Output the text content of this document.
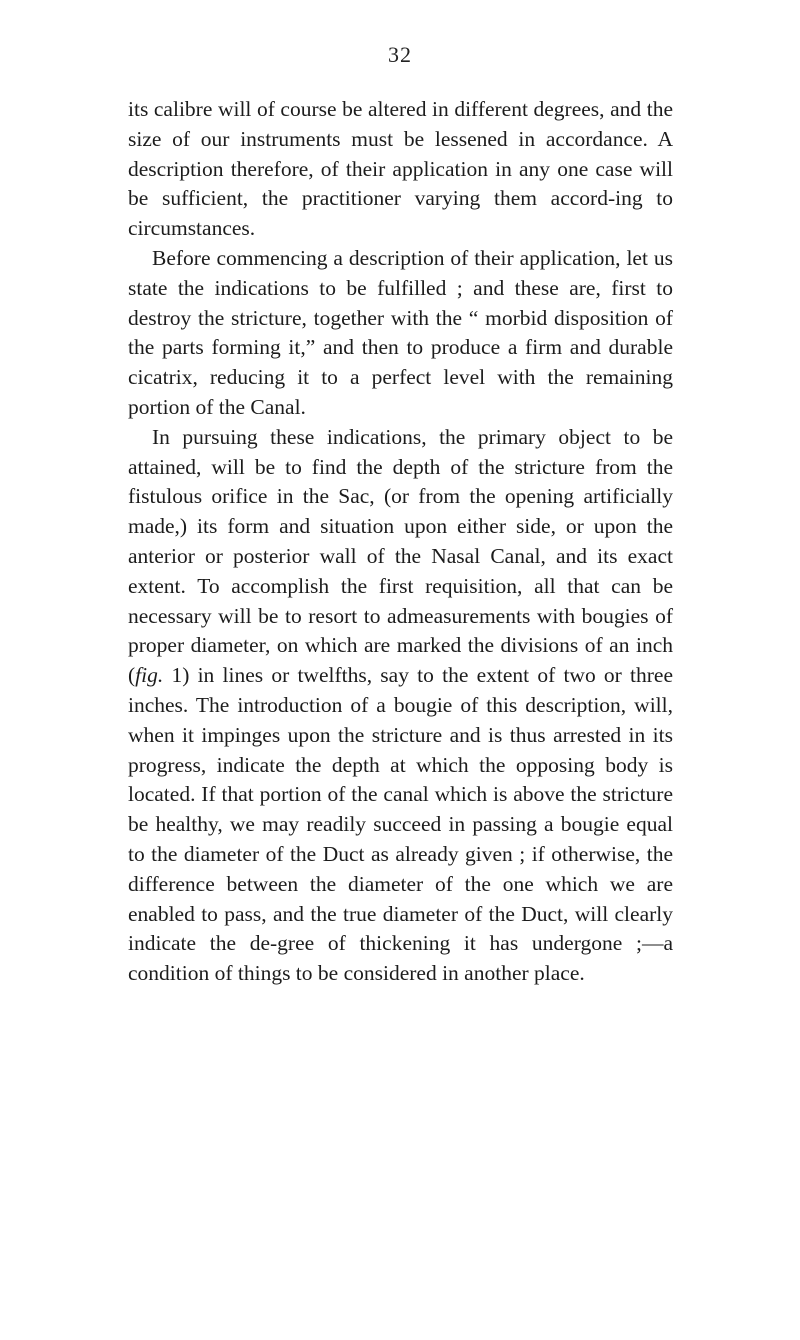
32

its calibre will of course be altered in different degrees, and the size of our instruments must be lessened in accordance. A description therefore, of their application in any one case will be sufficient, the practitioner varying them accord-ing to circumstances.

Before commencing a description of their application, let us state the indications to be fulfilled ; and these are, first to destroy the stricture, together with the “ morbid disposition of the parts forming it,” and then to produce a firm and durable cicatrix, reducing it to a perfect level with the remaining portion of the Canal.

In pursuing these indications, the primary object to be attained, will be to find the depth of the stricture from the fistulous orifice in the Sac, (or from the opening artificially made,) its form and situation upon either side, or upon the anterior or posterior wall of the Nasal Canal, and its exact extent. To accomplish the first requisition, all that can be necessary will be to resort to admeasurements with bougies of proper diameter, on which are marked the divisions of an inch (fig. 1) in lines or twelfths, say to the extent of two or three inches. The introduction of a bougie of this description, will, when it impinges upon the stricture and is thus arrested in its progress, indicate the depth at which the opposing body is located. If that portion of the canal which is above the stricture be healthy, we may readily succeed in passing a bougie equal to the diameter of the Duct as already given ; if otherwise, the difference between the diameter of the one which we are enabled to pass, and the true diameter of the Duct, will clearly indicate the de-gree of thickening it has undergone ;—a condition of things to be considered in another place.
